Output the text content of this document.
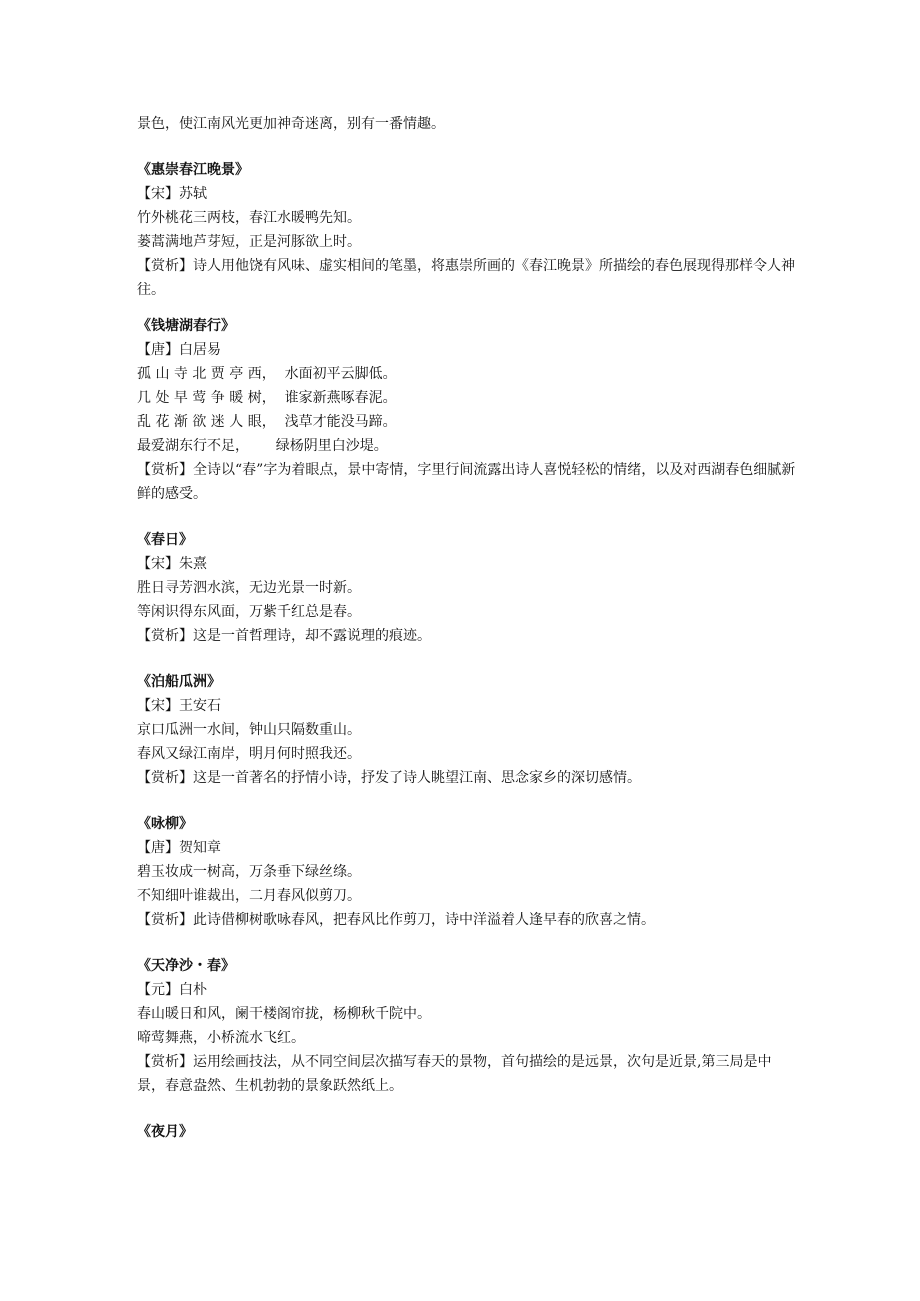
景色，使江南风光更加神奇迷离，别有一番情趣。
《惠崇春江晚景》
【宋】苏轼
竹外桃花三两枝，春江水暖鸭先知。
蒌蒿满地芦芽短，正是河豚欲上时。
【赏析】诗人用他饶有风味、虚实相间的笔墨，将惠崇所画的《春江晚景》所描绘的春色展现得那样令人神往。
《钱塘湖春行》
【唐】白居易
孤 山 寺 北 贾 亭 西，  水面初平云脚低。
几 处 早 莺 争 暖 树，  谁家新燕啄春泥。
乱 花 渐 欲 迷 人 眼，  浅草才能没马蹄。
最爱湖东行不足，      绿杨阴里白沙堤。
【赏析】全诗以“春”字为着眼点，景中寄情，字里行间流露出诗人喜悦轻松的情绪，以及对西湖春色细腻新鲜的感受。
《春日》
【宋】朱熹
胜日寻芳泗水滨，无边光景一时新。
等闲识得东风面，万紫千红总是春。
【赏析】这是一首哲理诗，却不露说理的痕迹。
《泊船瓜洲》
【宋】王安石
京口瓜洲一水间，钟山只隔数重山。
春风又绿江南岸，明月何时照我还。
【赏析】这是一首著名的抒情小诗，抒发了诗人眺望江南、思念家乡的深切感情。
《咏柳》
【唐】贺知章
碧玉妆成一树高，万条垂下绿丝绦。
不知细叶谁裁出，二月春风似剪刀。
【赏析】此诗借柳树歌咏春风，把春风比作剪刀，诗中洋溢着人逢早春的欣喜之情。
《天净沙・春》
【元】白朴
春山暖日和风，阑干楼阁帘拢，杨柳秋千院中。
啼莺舞燕，小桥流水飞红。
【赏析】运用绘画技法，从不同空间层次描写春天的景物，首句描绘的是远景，次句是近景,第三局是中景，春意盎然、生机勃勃的景象跃然纸上。
《夜月》
